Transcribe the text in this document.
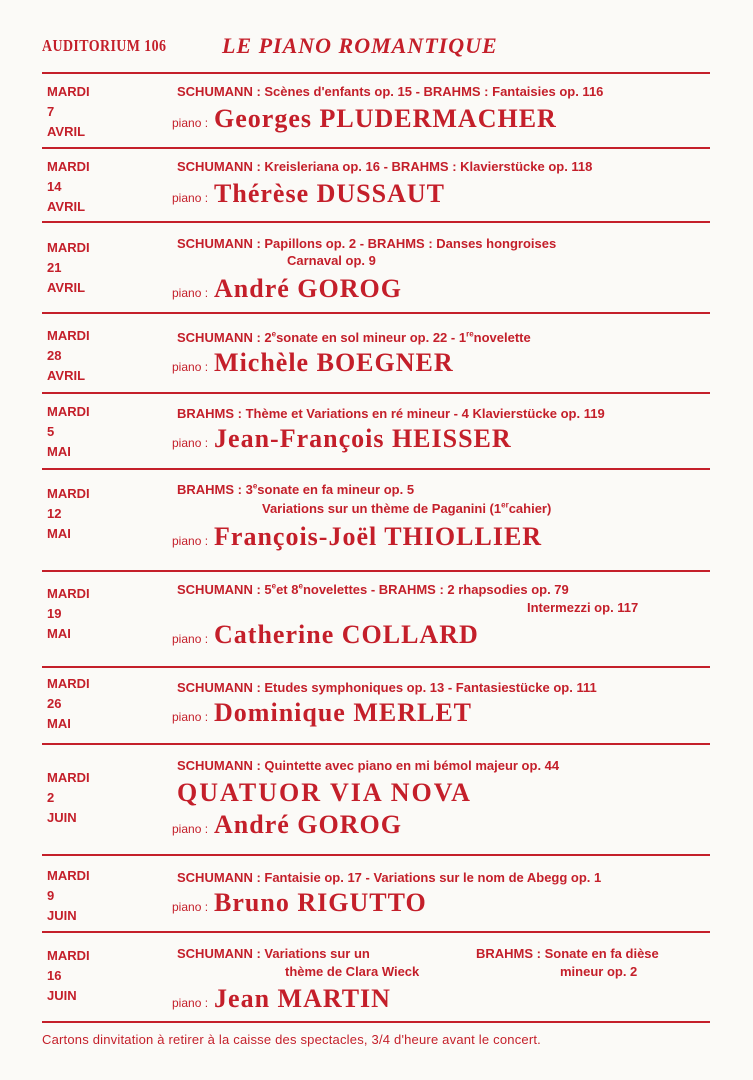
AUDITORIUM 106	LE PIANO ROMANTIQUE
MARDI
7
AVRIL
SCHUMANN : Scènes d'enfants op. 15 - BRAHMS : Fantaisies op. 116
piano : Georges PLUDERMACHER
MARDI
14
AVRIL
SCHUMANN : Kreisleriana op. 16 - BRAHMS : Klavierstücke op. 118
piano : Thérèse DUSSAUT
MARDI
21
AVRIL
SCHUMANN : Papillons op. 2 - BRAHMS : Danses hongroises
Carnaval op. 9
piano : André GOROG
MARDI
28
AVRIL
SCHUMANN : 2esonate en sol mineur op. 22 - 1renovelette
piano : Michèle BOEGNER
MARDI
5
MAI
BRAHMS : Thème et Variations en ré mineur - 4 Klavierstücke op. 119
piano : Jean-François HEISSER
MARDI
12
MAI
BRAHMS : 3esonate en fa mineur op. 5
Variations sur un thème de Paganini (1ercahier)
piano : François-Joël THIOLLIER
MARDI
19
MAI
SCHUMANN : 5eet 8enovelettes - BRAHMS : 2 rhapsodies op. 79
Intermezzi op. 117
piano : Catherine COLLARD
MARDI
26
MAI
SCHUMANN : Etudes symphoniques op. 13 - Fantasiestücke op. 111
piano : Dominique MERLET
MARDI
2
JUIN
SCHUMANN : Quintette avec piano en mi bémol majeur op. 44
QUATUOR VIA NOVA
piano : André GOROG
MARDI
9
JUIN
SCHUMANN : Fantaisie op. 17 - Variations sur le nom de Abegg op. 1
piano : Bruno RIGUTTO
MARDI
16
JUIN
SCHUMANN : Variations sur un
thème de Clara Wieck
BRAHMS : Sonate en fa dièse
mineur op. 2
piano : Jean MARTIN
Cartons dinvitation à retirer à la caisse des spectacles, 3/4 d'heure avant le concert.
